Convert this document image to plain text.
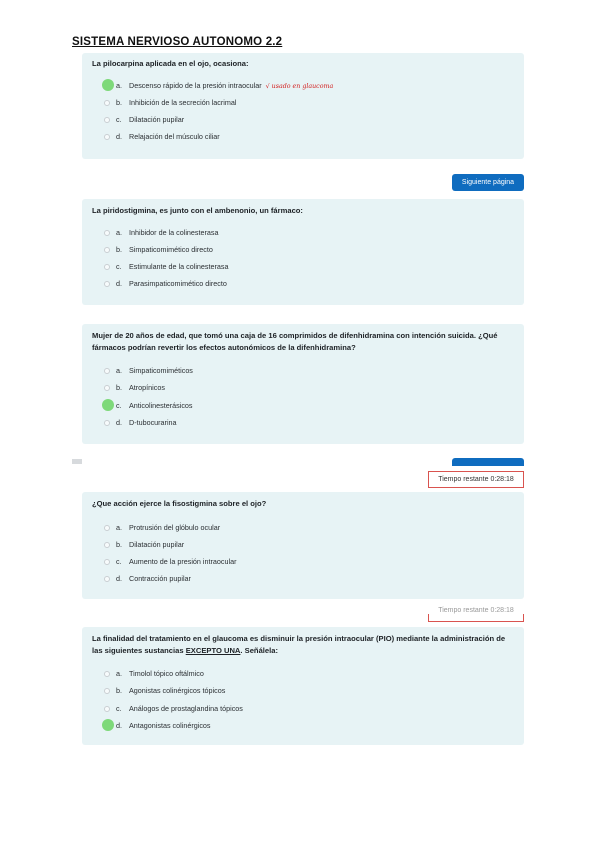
SISTEMA NERVIOSO AUTONOMO 2.2
La pilocarpina aplicada en el ojo, ocasiona:
a. Descenso rápido de la presión intraocular √ usado en glaucoma
b. Inhibición de la secreción lacrimal
c. Dilatación pupilar
d. Relajación del músculo ciliar
Siguiente página
La piridostigmina, es junto con el ambenonio, un fármaco:
a. Inhibidor de la colinesterasa
b. Simpaticomimético directo
c. Estimulante de la colinesterasa
d. Parasimpaticomimético directo
Mujer de 20 años de edad, que tomó una caja de 16 comprimidos de difenhidramina con intención suicida. ¿Qué
fármacos podrían revertir los efectos autonómicos de la difenhidramina?
a. Simpaticomiméticos
b. Atropínicos
c. Anticolinesterásicos
d. D-tubocurarina
Tiempo restante 0:28:18
¿Que acción ejerce la fisostigmina sobre el ojo?
a. Protrusión del glóbulo ocular
b. Dilatación pupilar
c. Aumento de la presión intraocular
d. Contracción pupilar
Tiempo restante 0:28:18
La finalidad del tratamiento en el glaucoma es disminuir la presión intraocular (PIO) mediante la administración de
las siguientes sustancias EXCEPTO UNA. Señálela:
a. Timolol tópico oftálmico
b. Agonistas colinérgicos tópicos
c. Análogos de prostaglandina tópicos
d. Antagonistas colinérgicos
